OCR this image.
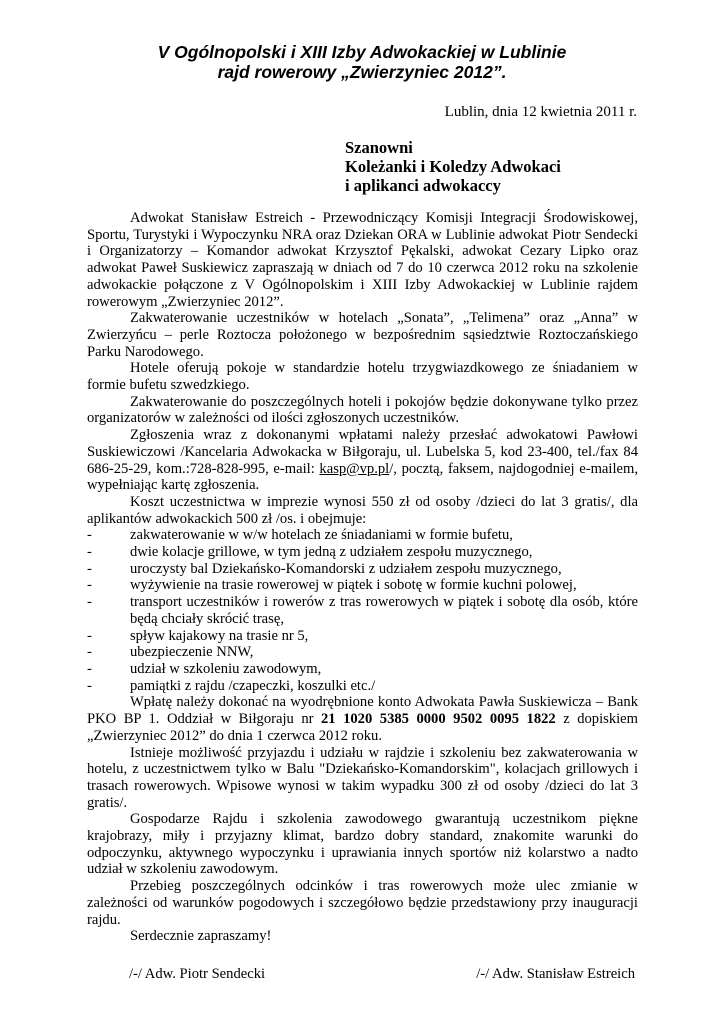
V Ogólnopolski i XIII Izby Adwokackiej w Lublinie
rajd rowerowy „Zwierzyniec 2012”.
Lublin, dnia 12 kwietnia 2011 r.
Szanowni
Koleżanki i Koledzy Adwokaci
i aplikanci adwokaccy

Adwokat Stanisław Estreich - Przewodniczący Komisji Integracji Środowiskowej, Sportu, Turystyki i Wypoczynku NRA oraz Dziekan ORA w Lublinie adwokat Piotr Sendecki i Organizatorzy – Komandor adwokat Krzysztof Pękalski, adwokat Cezary Lipko oraz adwokat Paweł Suskiewicz zapraszają w dniach od 7 do 10 czerwca 2012 roku na szkolenie adwokackie połączone z V Ogólnopolskim i XIII Izby Adwokackiej w Lublinie rajdem rowerowym „Zwierzyniec 2012”.

Zakwaterowanie uczestników w hotelach „Sonata”, „Telimena” oraz „Anna” w Zwierzyńcu – perle Roztocza położonego w bezpośrednim sąsiedztwie Roztoczańskiego Parku Narodowego.

Hotele oferują pokoje w standardzie hotelu trzygwiazdkowego ze śniadaniem w formie bufetu szwedzkiego.

Zakwaterowanie do poszczególnych hoteli i pokojów będzie dokonywane tylko przez organizatorów w zależności od ilości zgłoszonych uczestników.

Zgłoszenia wraz z dokonanymi wpłatami należy przesłać adwokatowi Pawłowi Suskiewiczowi /Kancelaria Adwokacka w Biłgoraju, ul. Lubelska 5, kod 23-400, tel./fax 84 686-25-29, kom.:728-828-995, e-mail: kasp@vp.pl/, pocztą, faksem, najdogodniej e-mailem, wypełniając kartę zgłoszenia.

Koszt uczestnictwa w imprezie wynosi 550 zł od osoby /dzieci do lat 3 gratis/, dla aplikantów adwokackich 500 zł /os. i obejmuje:

-	zakwaterowanie w w/w hotelach ze śniadaniami w formie bufetu,
-	dwie kolacje grillowe, w tym jedną z udziałem zespołu muzycznego,
-	uroczysty bal Dziekańsko-Komandorski z udziałem zespołu muzycznego,
-	wyżywienie na trasie rowerowej w piątek i sobotę w formie kuchni polowej,
-	transport uczestników i rowerów z tras rowerowych w piątek i sobotę dla osób, które będą chciały skrócić trasę,
-	spływ kajakowy na trasie nr 5,
-	ubezpieczenie NNW,
-	udział w szkoleniu zawodowym,
-	pamiątki z rajdu /czapeczki, koszulki etc./

Wpłatę należy dokonać na wyodrębnione konto Adwokata Pawła Suskiewicza – Bank PKO BP 1. Oddział w Biłgoraju nr 21 1020 5385 0000 9502 0095 1822 z dopiskiem „Zwierzyniec 2012” do dnia 1 czerwca 2012 roku.

Istnieje możliwość przyjazdu i udziału w rajdzie i szkoleniu bez zakwaterowania w hotelu, z uczestnictwem tylko w Balu "Dziekańsko-Komandorskim", kolacjach grillowych i trasach rowerowych. Wpisowe wynosi w takim wypadku 300 zł od osoby /dzieci do lat 3 gratis/.

Gospodarze Rajdu i szkolenia zawodowego gwarantują uczestnikom piękne krajobrazy, miły i przyjazny klimat, bardzo dobry standard, znakomite warunki do odpoczynku, aktywnego wypoczynku i uprawiania innych sportów niż kolarstwo a nadto udział w szkoleniu zawodowym.

Przebieg poszczególnych odcinków i tras rowerowych może ulec zmianie w zależności od warunków pogodowych i szczegółowo będzie przedstawiony przy inauguracji rajdu.

Serdecznie zapraszamy!

/-/ Adw. Piotr Sendecki	/-/ Adw. Stanisław Estreich
